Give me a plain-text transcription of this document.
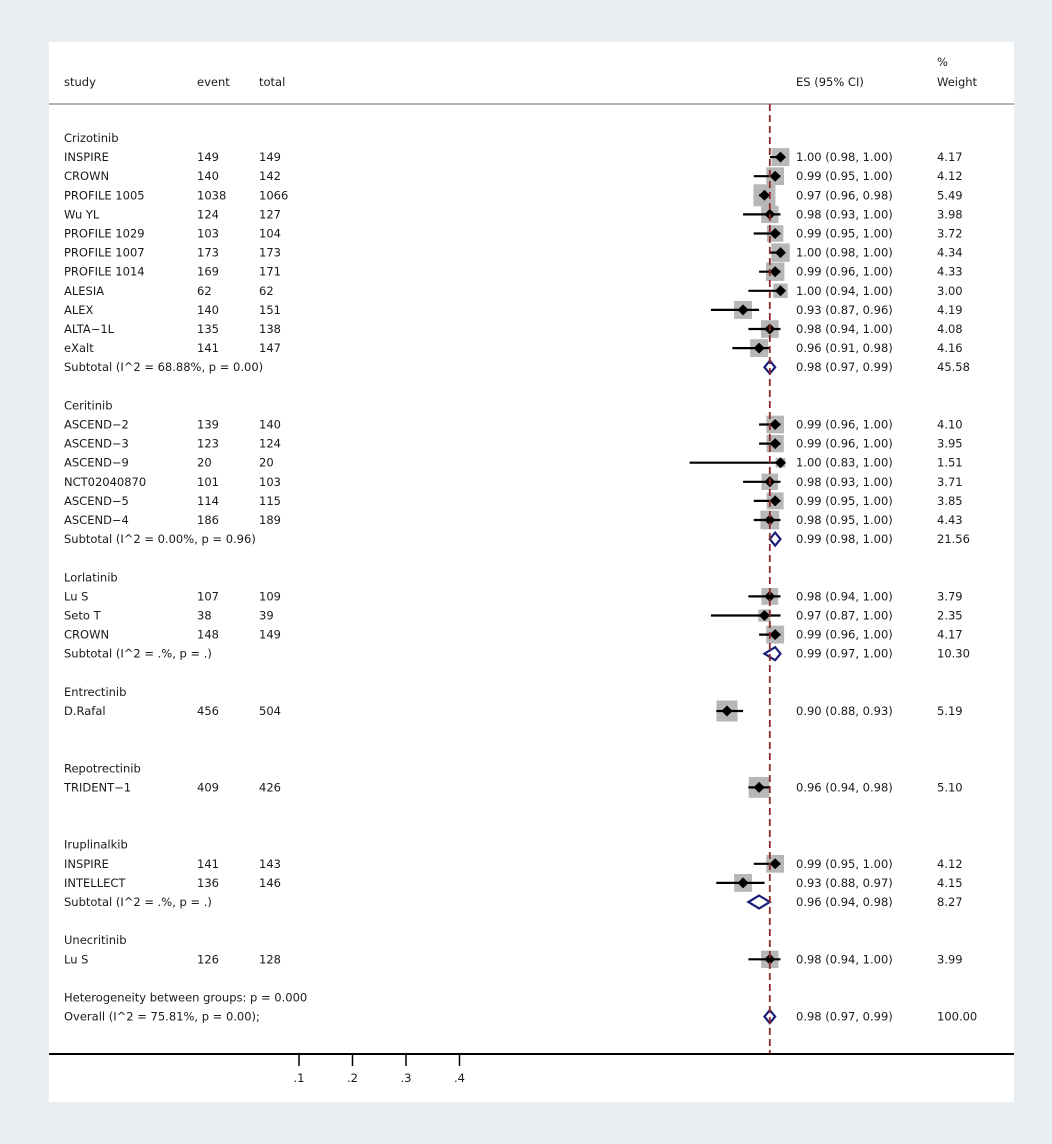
study	event	total	ES (95% CI)
%
Weight
Crizotinib
INSPIRE	149	149	1.00 (0.98, 1.00)	4.17
CROWN	140	142	0.99 (0.95, 1.00)	4.12
PROFILE 1005	1038	1066	0.97 (0.96, 0.98)	5.49
Wu YL	124	127	0.98 (0.93, 1.00)	3.98
PROFILE 1029	103	104	0.99 (0.95, 1.00)	3.72
PROFILE 1007	173	173	1.00 (0.98, 1.00)	4.34
PROFILE 1014	169	171	0.99 (0.96, 1.00)	4.33
ALESIA	62	62	1.00 (0.94, 1.00)	3.00
ALEX	140	151	0.93 (0.87, 0.96)	4.19
ALTA−1L	135	138	0.98 (0.94, 1.00)	4.08
eXalt	141	147	0.96 (0.91, 0.98)	4.16
Subtotal (I^2 = 68.88%, p = 0.00)	0.98 (0.97, 0.99)	45.58
Ceritinib
ASCEND−2	139	140	0.99 (0.96, 1.00)	4.10
ASCEND−3	123	124	0.99 (0.96, 1.00)	3.95
ASCEND−9	20	20	1.00 (0.83, 1.00)	1.51
NCT02040870	101	103	0.98 (0.93, 1.00)	3.71
ASCEND−5	114	115	0.99 (0.95, 1.00)	3.85
ASCEND−4	186	189	0.98 (0.95, 1.00)	4.43
Subtotal (I^2 = 0.00%, p = 0.96)	0.99 (0.98, 1.00)	21.56
Lorlatinib
Lu S	107	109	0.98 (0.94, 1.00)	3.79
Seto T	38	39	0.97 (0.87, 1.00)	2.35
CROWN	148	149	0.99 (0.96, 1.00)	4.17
Subtotal (I^2 = .%, p = .)	0.99 (0.97, 1.00)	10.30
Entrectinib
D.Rafal	456	504	0.90 (0.88, 0.93)	5.19
Repotrectinib
TRIDENT−1	409	426	0.96 (0.94, 0.98)	5.10
Iruplinalkib
INSPIRE	141	143	0.99 (0.95, 1.00)	4.12
INTELLECT	136	146	0.93 (0.88, 0.97)	4.15
Subtotal (I^2 = .%, p = .)	0.96 (0.94, 0.98)	8.27
Unecritinib
Lu S	126	128	0.98 (0.94, 1.00)	3.99
Heterogeneity between groups: p = 0.000
Overall (I^2 = 75.81%, p = 0.00);	0.98 (0.97, 0.99)	100.00
.1	.2	.3	.4
